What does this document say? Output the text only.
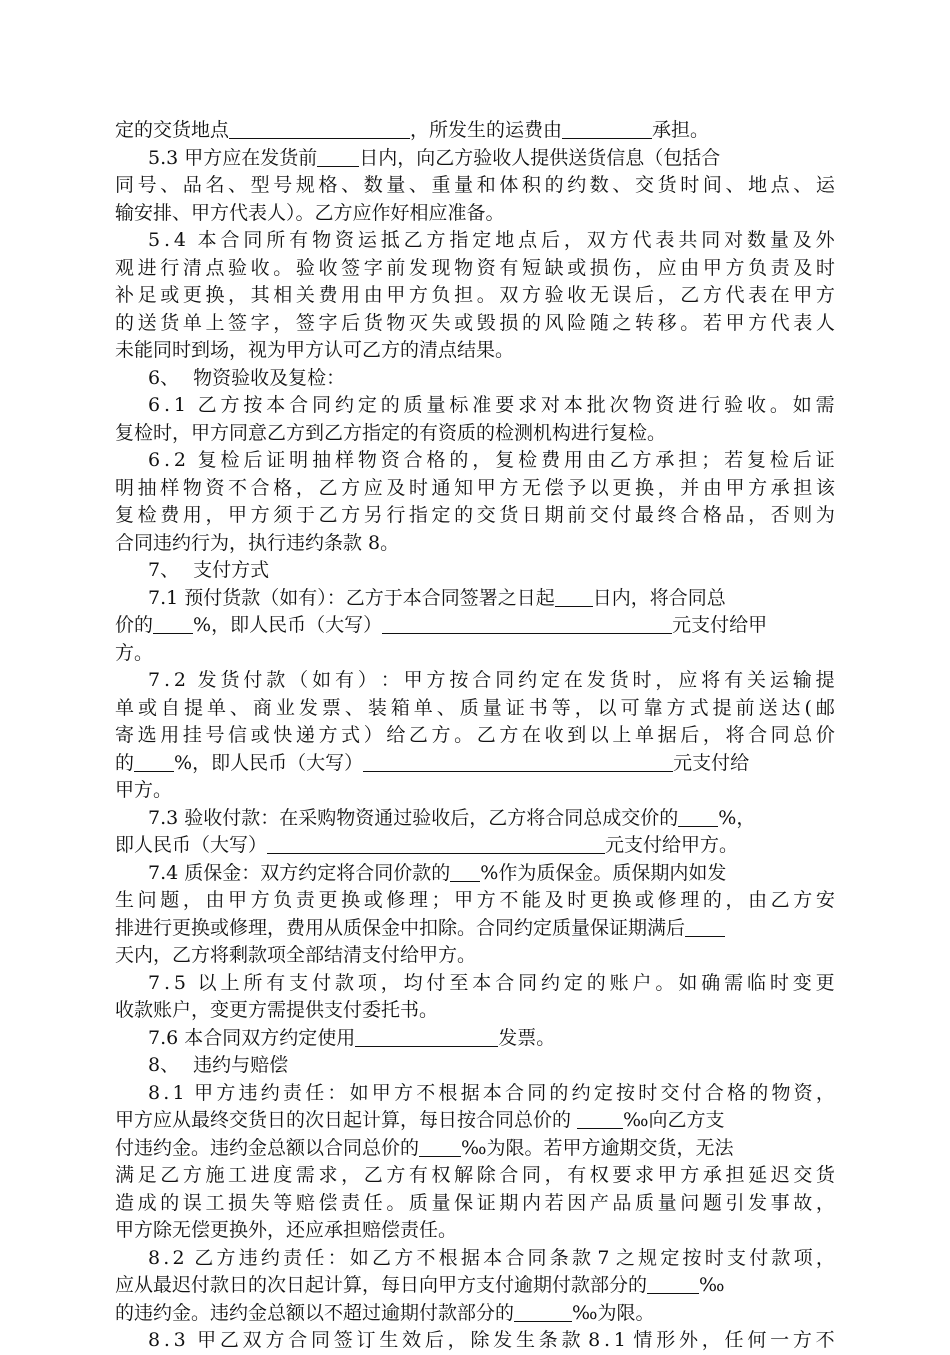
定的交货地点	，所发生的运费由	承担。
5.3 甲方应在发货前 日内，向乙方验收人提供送货信息（包括合
同 号 、 品 名 、 型 号 规 格 、 数 量 、 重 量 和 体 积 的 约 数 、 交 货 时 间 、 地 点 、 运
输安排、甲方代表人）。乙方应作好相应准备。
5 . 4 本 合 同 所 有 物 资 运 抵 乙 方 指 定 地 点 后 ， 双 方 代 表 共 同 对 数 量 及 外
观 进 行 清 点 验 收 。 验 收 签 字 前 发 现 物 资 有 短 缺 或 损 伤 ， 应 由 甲 方 负 责 及 时
补 足 或 更 换 ， 其 相 关 费 用 由 甲 方 负 担 。 双 方 验 收 无 误 后 ， 乙 方 代 表 在 甲 方
的 送 货 单 上 签 字 ， 签 字 后 货 物 灭 失 或 毁 损 的 风 险 随 之 转 移 。 若 甲 方 代 表 人
未能同时到场，视为甲方认可乙方的清点结果。
6、 物资验收及复检：
6 . 1 乙 方 按 本 合 同 约 定 的 质 量 标 准 要 求 对 本 批 次 物 资 进 行 验 收 。 如 需
复检时，甲方同意乙方到乙方指定的有资质的检测机构进行复检。
6 . 2 复 检 后 证 明 抽 样 物 资 合 格 的 ， 复 检 费 用 由 乙 方 承 担 ； 若 复 检 后 证
明 抽 样 物 资 不 合 格 ， 乙 方 应 及 时 通 知 甲 方 无 偿 予 以 更 换 ， 并 由 甲 方 承 担 该
复 检 费 用 ， 甲 方 须 于 乙 方 另 行 指 定 的 交 货 日 期 前 交 付 最 终 合 格 品 ， 否 则 为
合同违约行为，执行违约条款 8。
7、 支付方式
7.1 预付货款（如有）：乙方于本合同签署之日起 日内，将合同总
价的 %，即人民币（大写）	元支付给甲
方。
7 . 2 发 货 付 款 （ 如 有 ） ： 甲 方 按 合 同 约 定 在 发 货 时 ， 应 将 有 关 运 输 提
单 或 自 提 单 、 商 业 发 票 、 装 箱 单 、 质 量 证 书 等 ， 以 可 靠 方 式 提 前 送 达 ( 邮
寄 选 用 挂 号 信 或 快 递 方 式 ） 给 乙 方 。 乙 方 在 收 到 以 上 单 据 后 ， 将 合 同 总 价
的 %，即人民币（大写）	元支付给
甲方。
7.3 验收付款：在采购物资通过验收后，乙方将合同总成交价的 %，
即人民币（大写）	元支付给甲方。
7.4 质保金：双方约定将合同价款的 %作为质保金。质保期内如发
生 问 题 ， 由 甲 方 负 责 更 换 或 修 理 ； 甲 方 不 能 及 时 更 换 或 修 理 的 ， 由 乙 方 安
排进行更换或修理，费用从质保金中扣除。合同约定质量保证期满后
天内，乙方将剩款项全部结清支付给甲方。
7 . 5 以 上 所 有 支 付 款 项 ， 均 付 至 本 合 同 约 定 的 账 户 。 如 确 需 临 时 变 更
收款账户，变更方需提供支付委托书。
7.6 本合同双方约定使用	发票。
8、 违约与赔偿
8 . 1 甲 方 违 约 责 任 ： 如 甲 方 不 根 据 本 合 同 的 约 定 按 时 交 付 合 格 的 物 资 ，
甲方应从最终交货日的次日起计算，每日按合同总价的 ‰向乙方支
付违约金。违约金总额以合同总价的 ‰为限。若甲方逾期交货，无法
满 足 乙 方 施 工 进 度 需 求 ， 乙 方 有 权 解 除 合 同 ， 有 权 要 求 甲 方 承 担 延 迟 交 货
造 成 的 误 工 损 失 等 赔 偿 责 任 。 质 量 保 证 期 内 若 因 产 品 质 量 问 题 引 发 事 故 ，
甲方除无偿更换外，还应承担赔偿责任。
8 . 2 乙 方 违 约 责 任 ： 如 乙 方 不 根 据 本 合 同 条 款 7 之 规 定 按 时 支 付 款 项 ，
应从最迟付款日的次日起计算，每日向甲方支付逾期付款部分的	‰
的违约金。违约金总额以不超过逾期付款部分的	‰为限。
8 . 3 甲 乙 双 方 合 同 签 订 生 效 后 ， 除 发 生 条 款 8 . 1 情 形 外 ， 任 何 一 方 不
